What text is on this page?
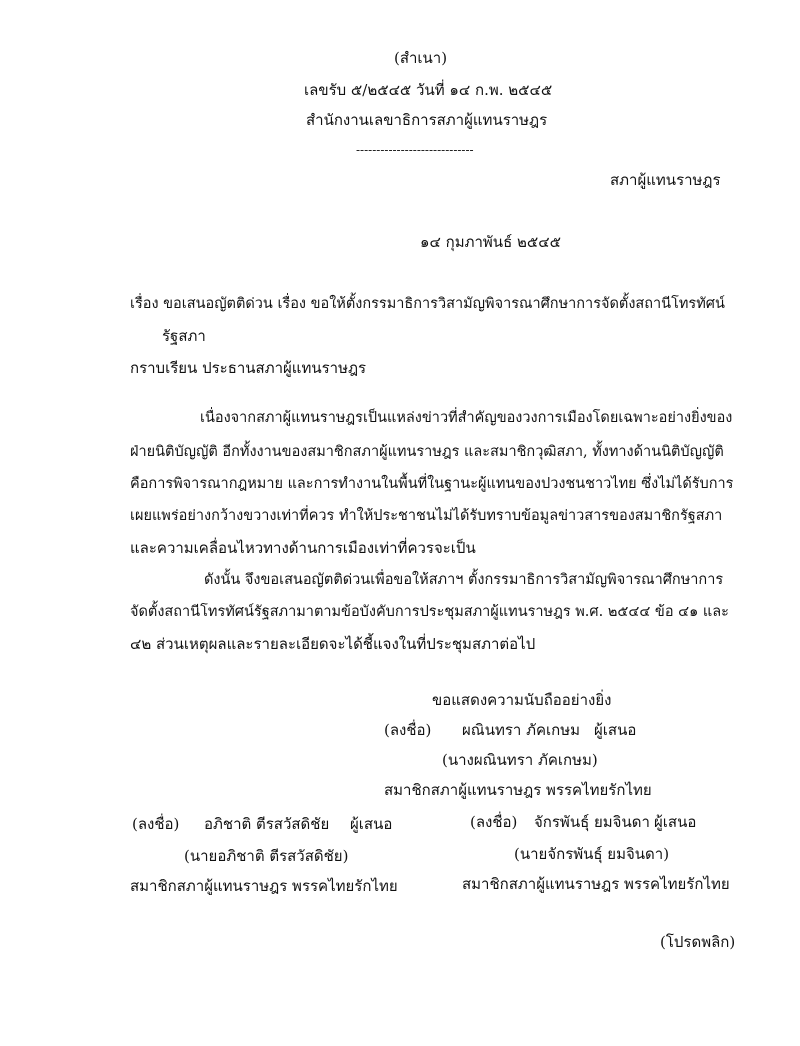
(สำเนา)
เลขรับ ๕/๒๕๔๕ วันที่ ๑๔ ก.พ. ๒๕๔๕
สำนักงานเลขาธิการสภาผู้แทนราษฎร
-----------------------------
สภาผู้แทนราษฎร
๑๔ กุมภาพันธ์ ๒๕๔๕
เรื่อง ขอเสนอญัตติด่วน เรื่อง ขอให้ตั้งกรรมาธิการวิสามัญพิจารณาศึกษาการจัดตั้งสถานีโทรทัศน์
รัฐสภา
กราบเรียน ประธานสภาผู้แทนราษฎร
เนื่องจากสภาผู้แทนราษฎรเป็นแหล่งข่าวที่สำคัญของวงการเมืองโดยเฉพาะอย่างยิ่งของ
ฝ่ายนิติบัญญัติ อีกทั้งงานของสมาชิกสภาผู้แทนราษฎร และสมาชิกวุฒิสภา, ทั้งทางด้านนิติบัญญัติ
คือการพิจารณากฎหมาย และการทำงานในพื้นที่ในฐานะผู้แทนของปวงชนชาวไทย ซึ่งไม่ได้รับการ
เผยแพร่อย่างกว้างขวางเท่าที่ควร ทำให้ประชาชนไม่ได้รับทราบข้อมูลข่าวสารของสมาชิกรัฐสภา
และความเคลื่อนไหวทางด้านการเมืองเท่าที่ควรจะเป็น
ดังนั้น จึงขอเสนอญัตติด่วนเพื่อขอให้สภาฯ ตั้งกรรมาธิการวิสามัญพิจารณาศึกษาการ
จัดตั้งสถานีโทรทัศน์รัฐสภามาตามข้อบังคับการประชุมสภาผู้แทนราษฎร พ.ศ. ๒๕๔๔ ข้อ ๔๑ และ
๔๒ ส่วนเหตุผลและรายละเอียดจะได้ชี้แจงในที่ประชุมสภาต่อไป
ขอแสดงความนับถืออย่างยิ่ง
(ลงชื่อ) ผณินทรา ภัคเกษม ผู้เสนอ
(นางผณินทรา ภัคเกษม)
สมาชิกสภาผู้แทนราษฎร พรรคไทยรักไทย
(ลงชื่อ) อภิชาติ ตีรสวัสดิชัย ผู้เสนอ
(นายอภิชาติ ตีรสวัสดิชัย)
สมาชิกสภาผู้แทนราษฎร พรรคไทยรักไทย
(ลงชื่อ) จักรพันธุ์ ยมจินดา ผู้เสนอ
(นายจักรพันธุ์ ยมจินดา)
สมาชิกสภาผู้แทนราษฎร พรรคไทยรักไทย
(โปรดพลิก)
